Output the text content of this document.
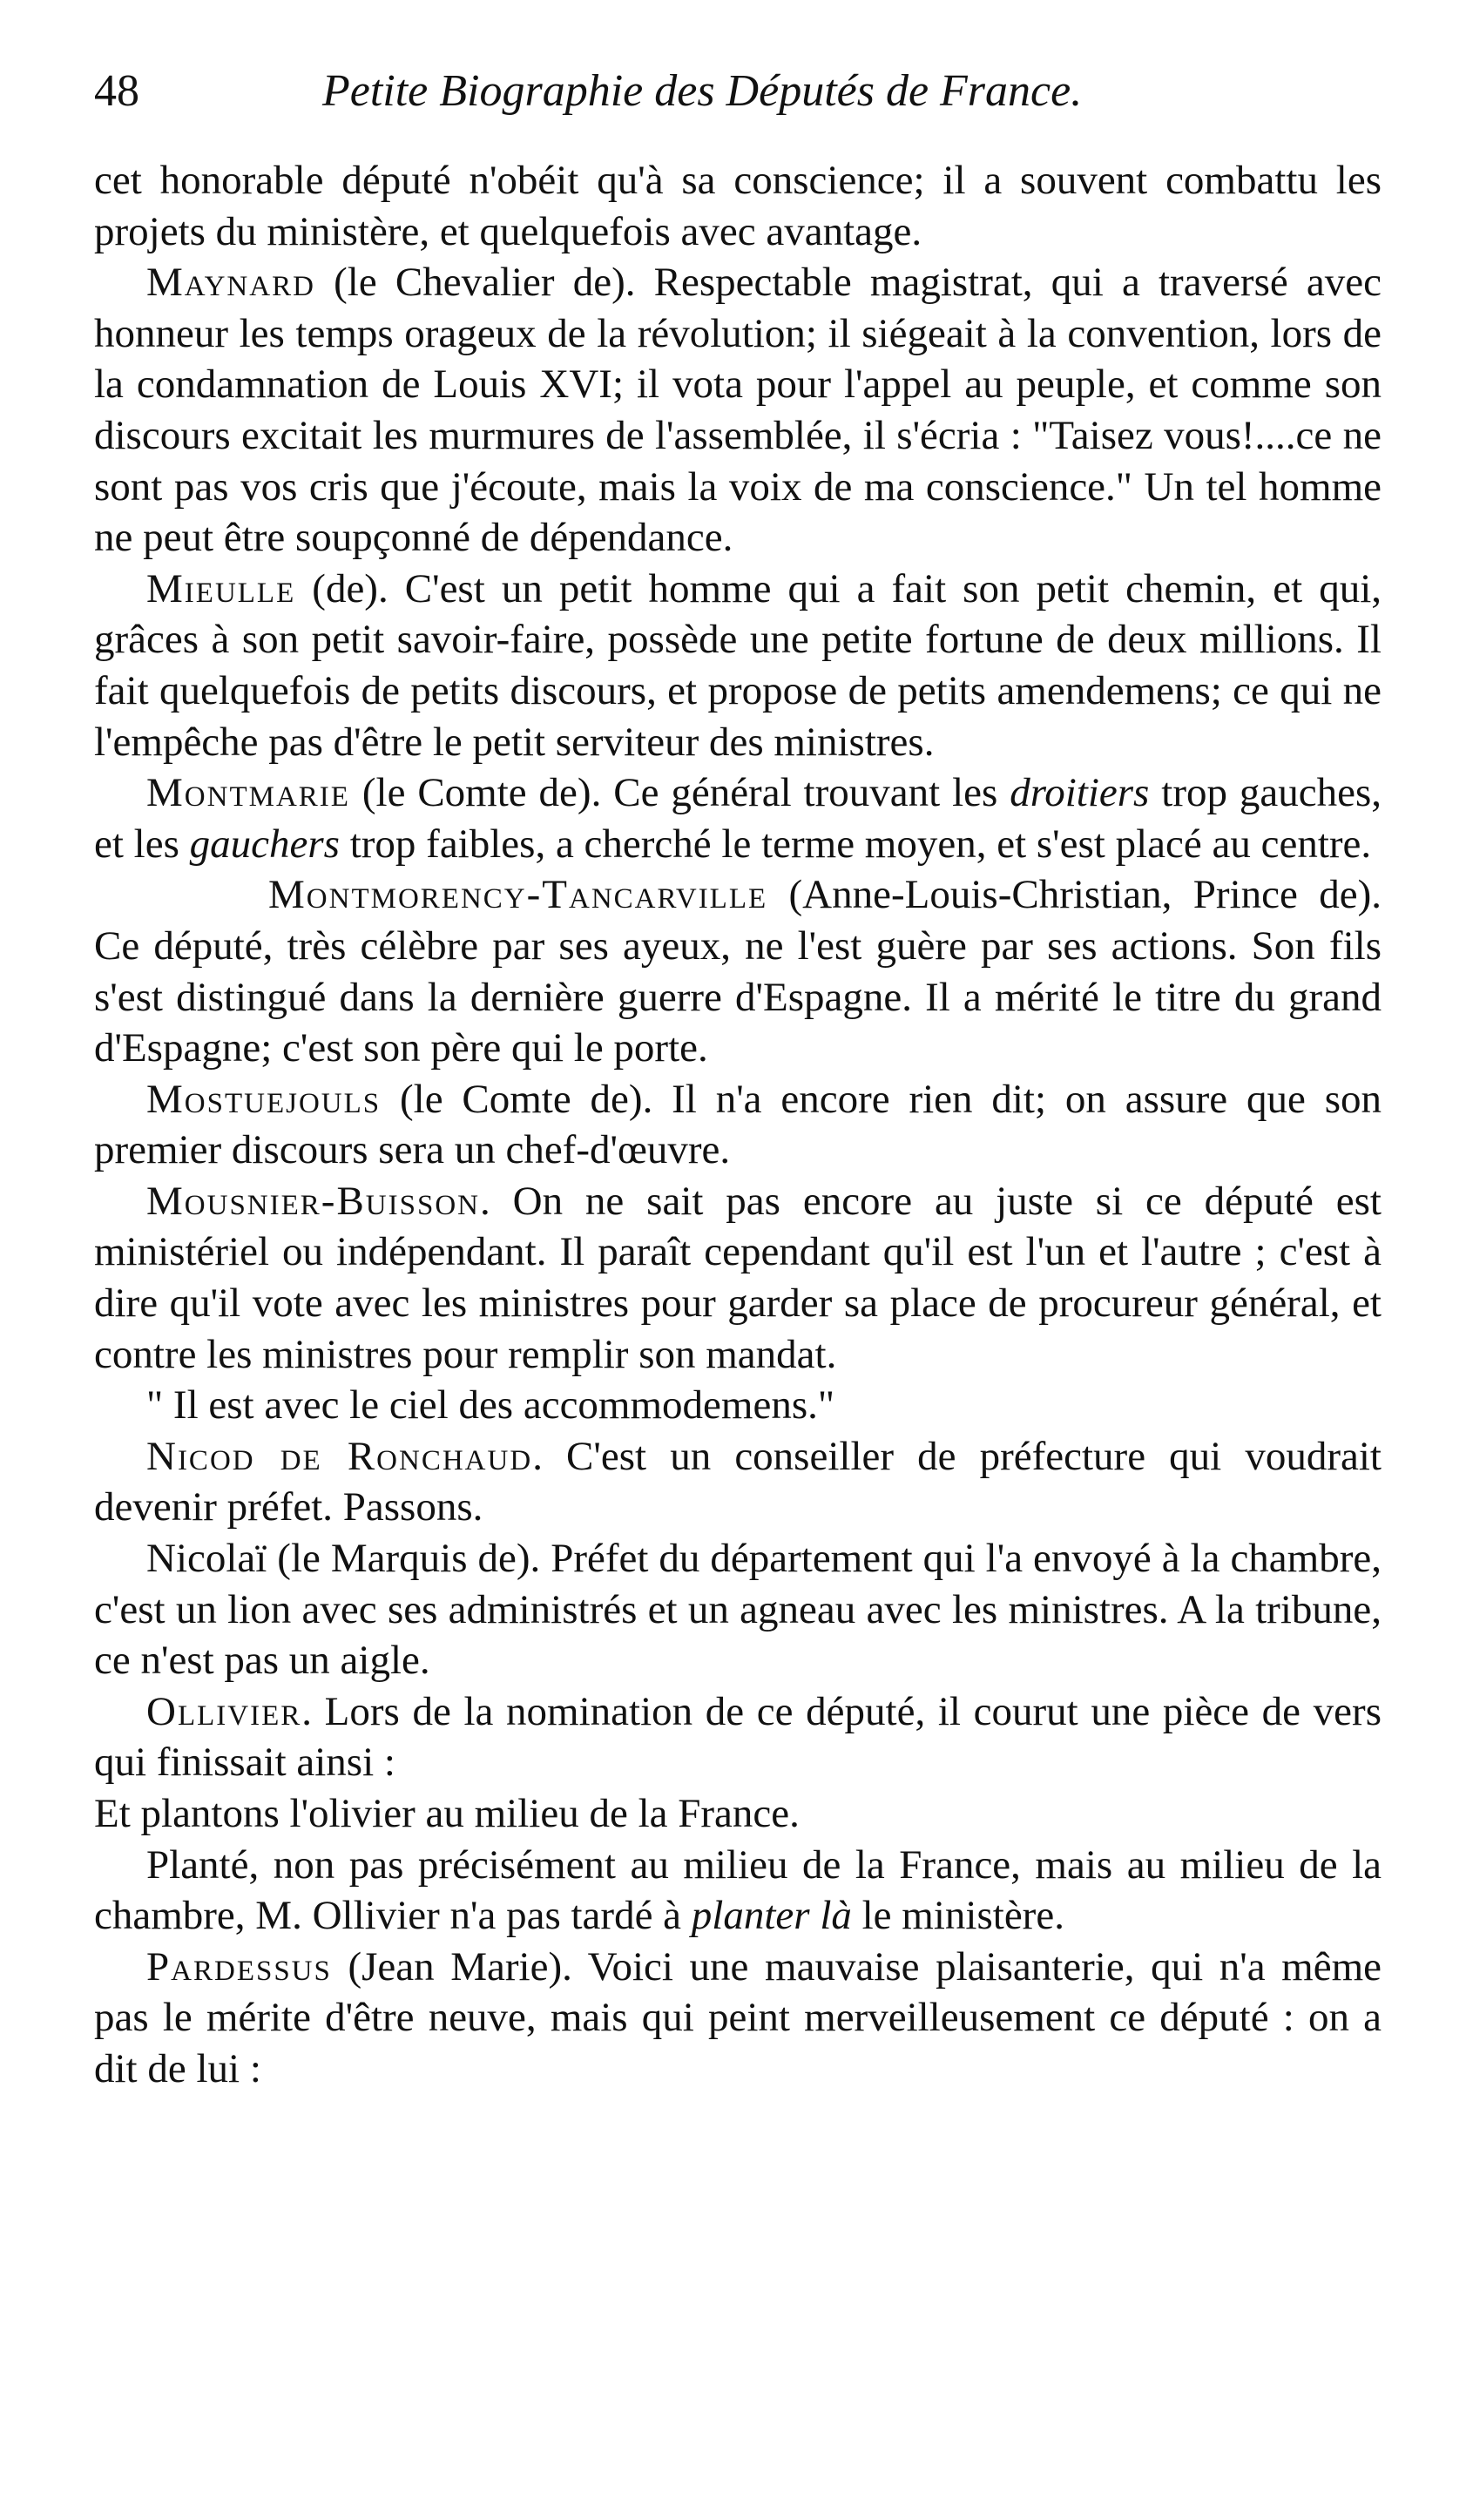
48	Petite Biographie des Députés de France.

cet honorable député n'obéit qu'à sa conscience; il a souvent combattu les projets du ministère, et quelquefois avec avantage.

Maynard (le Chevalier de). Respectable magistrat, qui a traversé avec honneur les temps orageux de la révolution; il siégeait à la convention, lors de la condamnation de Louis XVI; il vota pour l'appel au peuple, et comme son discours excitait les murmures de l'assemblée, il s'écria : "Taisez vous!....ce ne sont pas vos cris que j'écoute, mais la voix de ma conscience." Un tel homme ne peut être soupçonné de dépendance.

Mieulle (de). C'est un petit homme qui a fait son petit chemin, et qui, grâces à son petit savoir-faire, possède une petite fortune de deux millions. Il fait quelquefois de petits discours, et propose de petits amendemens; ce qui ne l'empêche pas d'être le petit serviteur des ministres.

Montmarie (le Comte de). Ce général trouvant les droitiers trop gauches, et les gauchers trop faibles, a cherché le terme moyen, et s'est placé au centre.

Montmorency-Tancarville (Anne-Louis-Christian, Prince de). Ce député, très célèbre par ses ayeux, ne l'est guère par ses actions. Son fils s'est distingué dans la dernière guerre d'Espagne. Il a mérité le titre du grand d'Espagne; c'est son père qui le porte.

Mostuejouls (le Comte de). Il n'a encore rien dit; on assure que son premier discours sera un chef-d'œuvre.

Mousnier-Buisson. On ne sait pas encore au juste si ce député est ministériel ou indépendant. Il paraît cependant qu'il est l'un et l'autre ; c'est à dire qu'il vote avec les ministres pour garder sa place de procureur général, et contre les ministres pour remplir son mandat.

" Il est avec le ciel des accommodemens."

Nicod de Ronchaud. C'est un conseiller de préfecture qui voudrait devenir préfet. Passons.

Nicolaï (le Marquis de). Préfet du département qui l'a envoyé à la chambre, c'est un lion avec ses administrés et un agneau avec les ministres. A la tribune, ce n'est pas un aigle.

Ollivier. Lors de la nomination de ce député, il courut une pièce de vers qui finissait ainsi :

Et plantons l'olivier au milieu de la France.

Planté, non pas précisément au milieu de la France, mais au milieu de la chambre, M. Ollivier n'a pas tardé à planter là le ministère.

Pardessus (Jean Marie). Voici une mauvaise plaisanterie, qui n'a même pas le mérite d'être neuve, mais qui peint merveilleusement ce député : on a dit de lui :
